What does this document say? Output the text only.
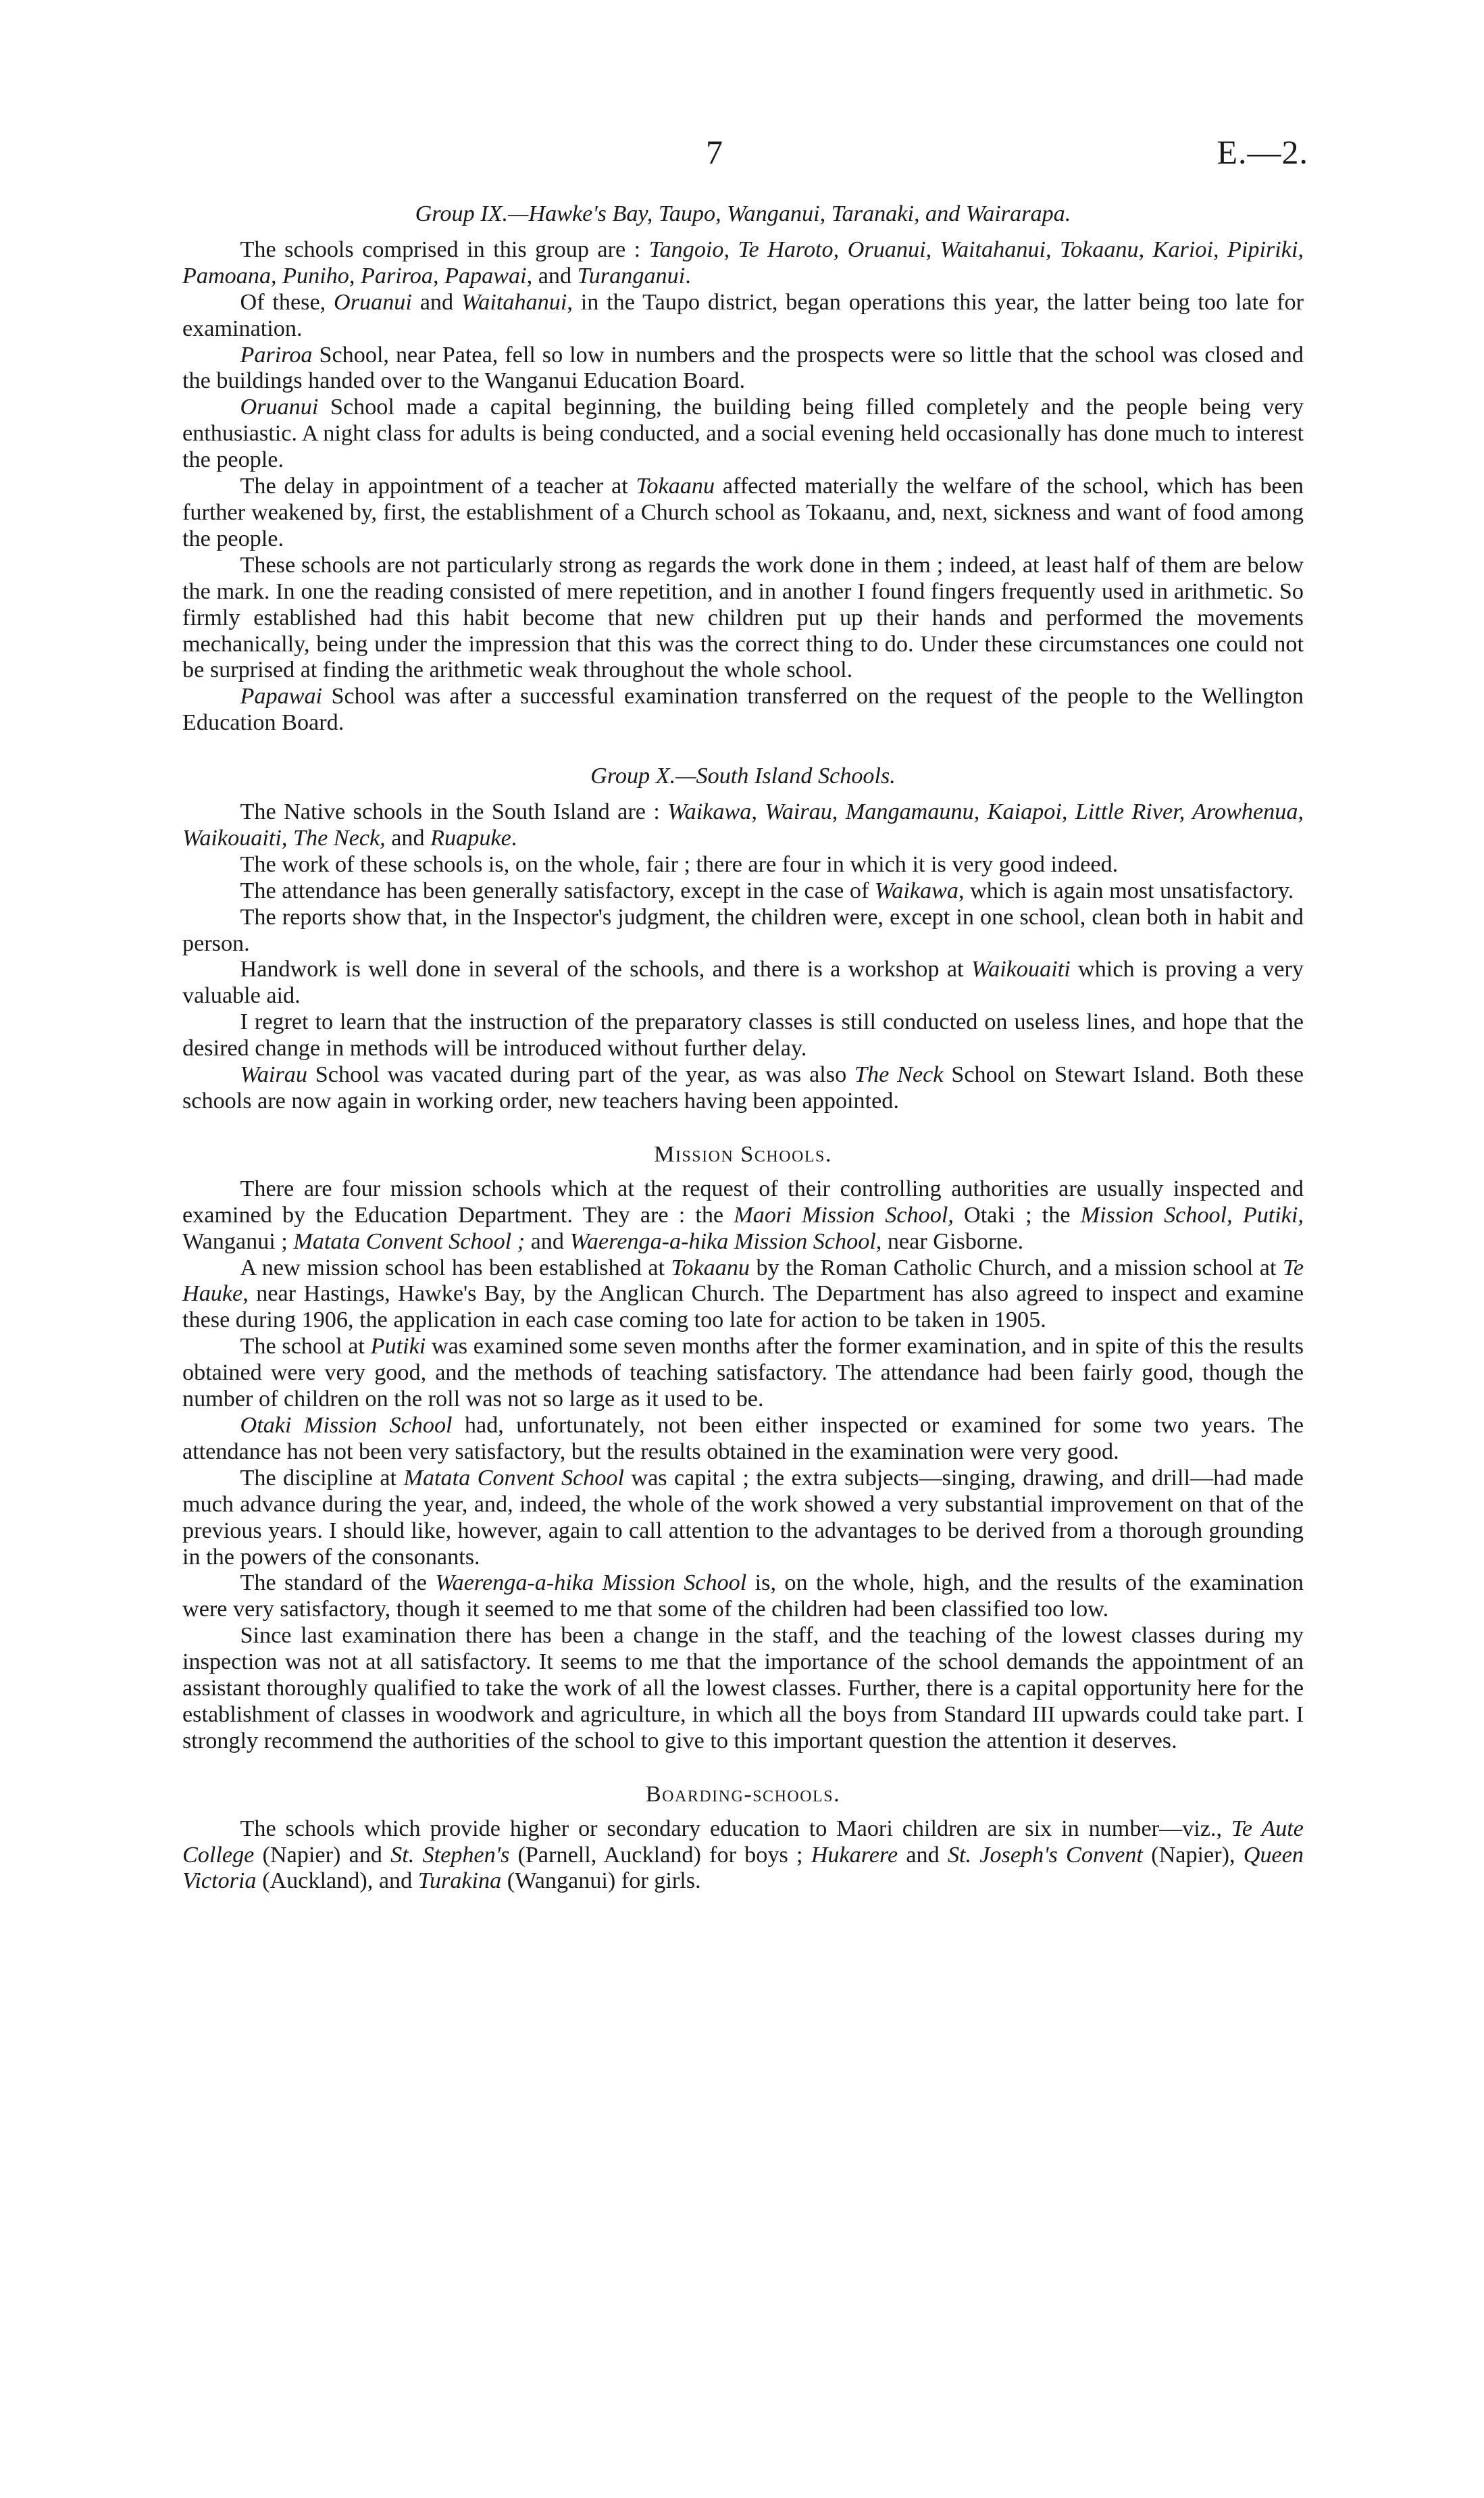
7	E.—2.
Group IX.—Hawke's Bay, Taupo, Wanganui, Taranaki, and Wairarapa.

The schools comprised in this group are : Tangoio, Te Haroto, Oruanui, Waitahanui, Tokaanu, Karioi, Pipiriki, Pamoana, Puniho, Pariroa, Papawai, and Turanganui.

Of these, Oruanui and Waitahanui, in the Taupo district, began operations this year, the latter being too late for examination.

Pariroa School, near Patea, fell so low in numbers and the prospects were so little that the school was closed and the buildings handed over to the Wanganui Education Board.

Oruanui School made a capital beginning, the building being filled completely and the people being very enthusiastic. A night class for adults is being conducted, and a social evening held occasionally has done much to interest the people.

The delay in appointment of a teacher at Tokaanu affected materially the welfare of the school, which has been further weakened by, first, the establishment of a Church school as Tokaanu, and, next, sickness and want of food among the people.

These schools are not particularly strong as regards the work done in them ; indeed, at least half of them are below the mark. In one the reading consisted of mere repetition, and in another I found fingers frequently used in arithmetic. So firmly established had this habit become that new children put up their hands and performed the movements mechanically, being under the impression that this was the correct thing to do. Under these circumstances one could not be surprised at finding the arithmetic weak throughout the whole school.

Papawai School was after a successful examination transferred on the request of the people to the Wellington Education Board.

Group X.—South Island Schools.

The Native schools in the South Island are : Waikawa, Wairau, Mangamaunu, Kaiapoi, Little River, Arowhenua, Waikouaiti, The Neck, and Ruapuke.

The work of these schools is, on the whole, fair ; there are four in which it is very good indeed.

The attendance has been generally satisfactory, except in the case of Waikawa, which is again most unsatisfactory.

The reports show that, in the Inspector's judgment, the children were, except in one school, clean both in habit and person.

Handwork is well done in several of the schools, and there is a workshop at Waikouaiti which is proving a very valuable aid.

I regret to learn that the instruction of the preparatory classes is still conducted on useless lines, and hope that the desired change in methods will be introduced without further delay.

Wairau School was vacated during part of the year, as was also The Neck School on Stewart Island. Both these schools are now again in working order, new teachers having been appointed.

Mission Schools.

There are four mission schools which at the request of their controlling authorities are usually inspected and examined by the Education Department. They are : the Maori Mission School, Otaki ; the Mission School, Putiki, Wanganui ; Matata Convent School ; and Waerenga-a-hika Mission School, near Gisborne.

A new mission school has been established at Tokaanu by the Roman Catholic Church, and a mission school at Te Hauke, near Hastings, Hawke's Bay, by the Anglican Church. The Department has also agreed to inspect and examine these during 1906, the application in each case coming too late for action to be taken in 1905.

The school at Putiki was examined some seven months after the former examination, and in spite of this the results obtained were very good, and the methods of teaching satisfactory. The attendance had been fairly good, though the number of children on the roll was not so large as it used to be.

Otaki Mission School had, unfortunately, not been either inspected or examined for some two years. The attendance has not been very satisfactory, but the results obtained in the examination were very good.

The discipline at Matata Convent School was capital ; the extra subjects—singing, drawing, and drill—had made much advance during the year, and, indeed, the whole of the work showed a very substantial improvement on that of the previous years. I should like, however, again to call attention to the advantages to be derived from a thorough grounding in the powers of the consonants.

The standard of the Waerenga-a-hika Mission School is, on the whole, high, and the results of the examination were very satisfactory, though it seemed to me that some of the children had been classified too low.

Since last examination there has been a change in the staff, and the teaching of the lowest classes during my inspection was not at all satisfactory. It seems to me that the importance of the school demands the appointment of an assistant thoroughly qualified to take the work of all the lowest classes. Further, there is a capital opportunity here for the establishment of classes in woodwork and agriculture, in which all the boys from Standard III upwards could take part. I strongly recommend the authorities of the school to give to this important question the attention it deserves.

Boarding-schools.

The schools which provide higher or secondary education to Maori children are six in number—viz., Te Aute College (Napier) and St. Stephen's (Parnell, Auckland) for boys ; Hukarere and St. Joseph's Convent (Napier), Queen Victoria (Auckland), and Turakina (Wanganui) for girls.
